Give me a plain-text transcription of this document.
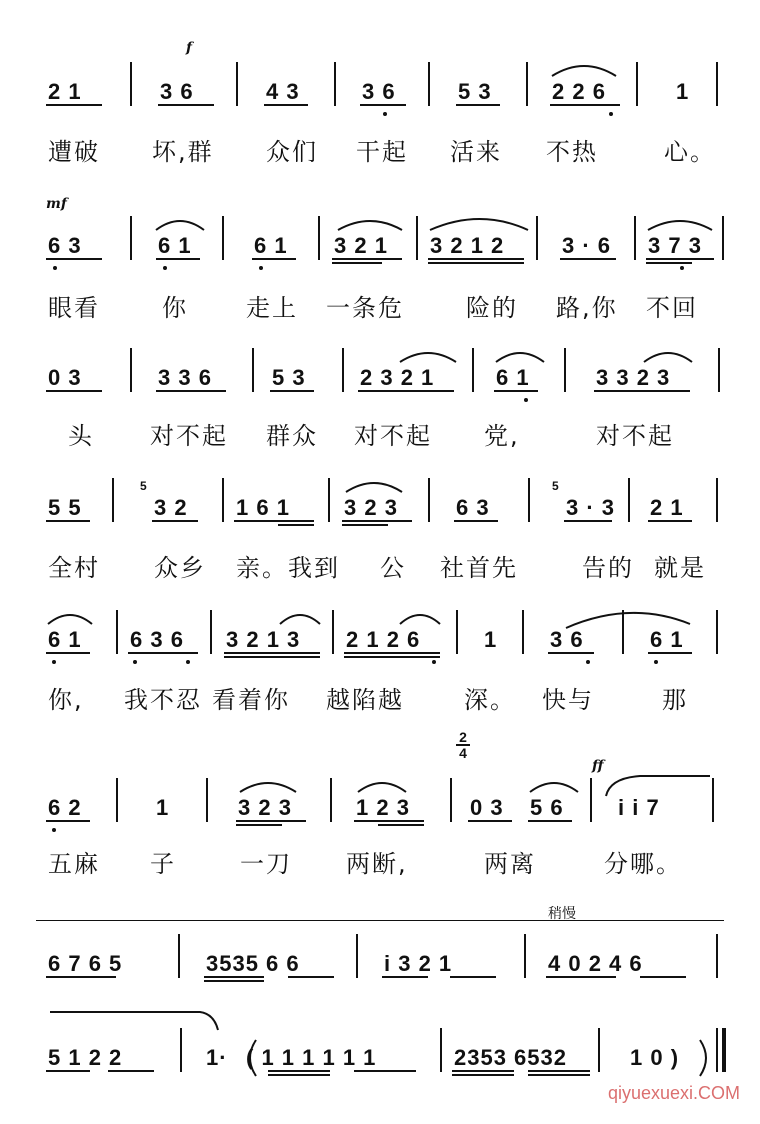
f
2 1	3 6	4 3	3 6	5 3	2 2 6	1
遭破 坏,群 众们 干起 活来 不热	心。
mf
6 3	6 1	6 1 3 2 1 3 2 1 2	3 · 6 3 7 3
眼看	你 走上 一条危	险的 路,你 不回
0 3	3 3 6	5 3 2 3 2 1	6 1	3 3 2 3
头 对不起 群众 对不起 党,	对不起
5 5
5
3 2 1 6 1 3 2 3	6 3
5
3 · 3 2 1
全村 众乡 亲。我到 公 社首先	告的 就是
6 1 6 3 6 3 2 1 3 2 1 2 6	1 3 6	6 1
你, 我不忍 看着你 越陷越	深。 快与	那
2
4
ff
6 2	1	3 2 3	1 2 3	0 3 5 6 i i 7
五麻 子	一刀 两断,	两离	分哪。
稍慢
6 7 6 5	3535 6 6	i 3 2 1	4 0 2 4 6
5 1 2 2	1· ( 1 1 1 1 1 1	2353 6532	1 0 )
qiyuexuexi.COM
